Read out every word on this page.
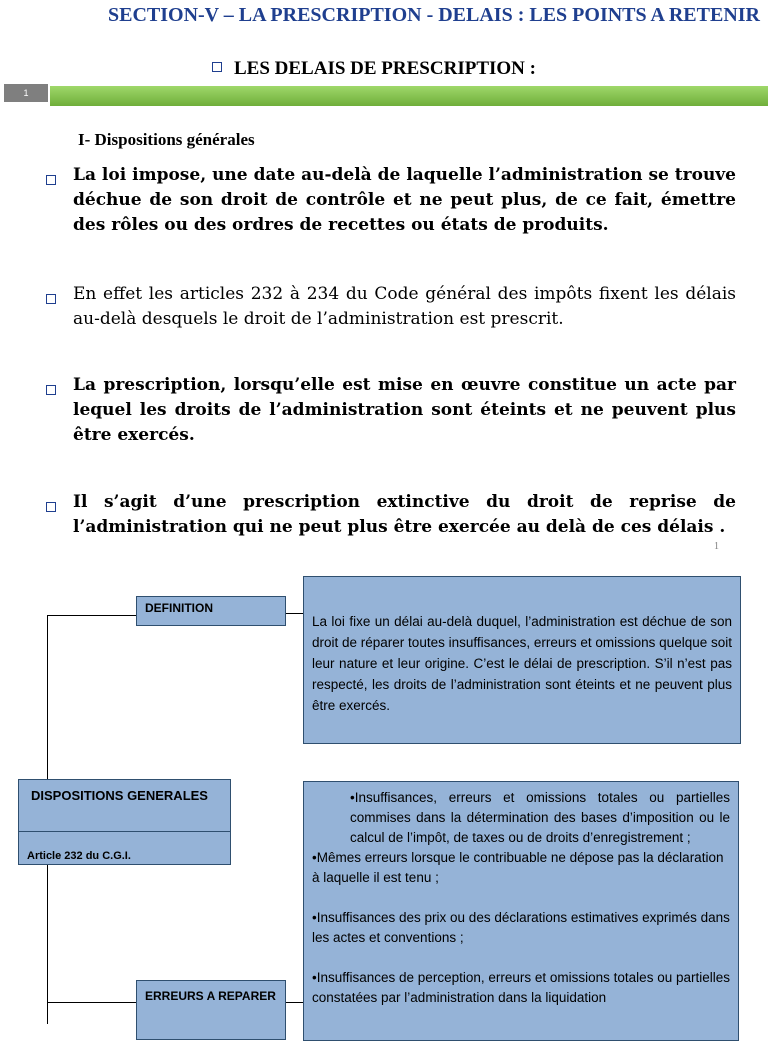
SECTION-V – LA PRESCRIPTION - DELAIS : LES POINTS A RETENIR
LES DELAIS DE PRESCRIPTION :
1
I- Dispositions générales
La loi impose, une date au-delà de laquelle l’administration se trouve déchue de son droit de contrôle et ne peut plus, de ce fait, émettre des rôles ou des ordres de recettes ou états de produits.
En effet les articles 232 à 234 du Code général des impôts fixent les délais au-delà desquels le droit de l’administration est prescrit.
La prescription, lorsqu’elle est mise en œuvre constitue un acte par lequel les droits de l’administration sont éteints et ne peuvent plus être exercés.
Il s’agit d’une prescription extinctive du droit de reprise de l’administration qui ne peut plus être exercée au delà de ces délais .
1
DEFINITION
La loi fixe un délai au-delà duquel, l’administration est déchue de son droit de réparer toutes insuffisances, erreurs et omissions quelque soit leur nature et leur origine. C’est le délai de prescription. S’il n’est pas respecté, les droits de l’administration sont éteints et ne peuvent plus être exercés.
DISPOSITIONS GENERALES
Article 232 du C.G.I.
ERREURS A REPARER
•Insuffisances, erreurs et omissions totales ou partielles commises dans la détermination des bases d’imposition ou le calcul de l’impôt, de taxes ou de droits d’enregistrement ;
•Mêmes erreurs lorsque le contribuable ne dépose pas la déclaration à laquelle il est tenu ;
•Insuffisances des prix ou des déclarations estimatives exprimés dans les actes et conventions ;
•Insuffisances de perception, erreurs et omissions totales ou partielles constatées par l’administration dans la liquidation
